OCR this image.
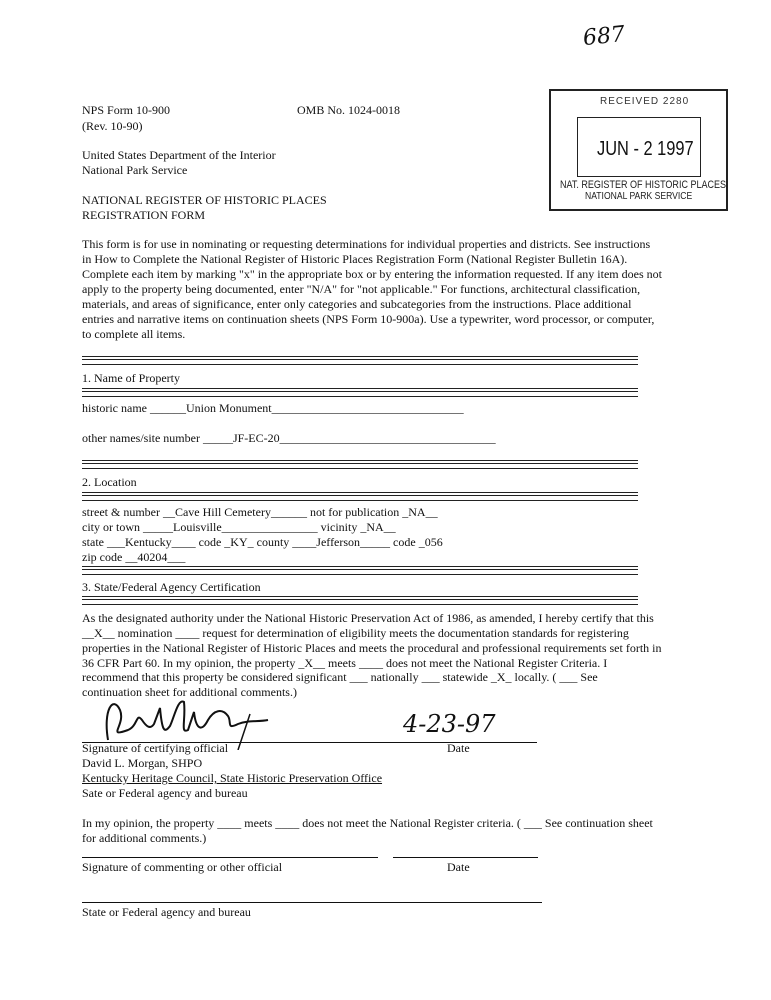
687

NPS Form 10-900

(Rev. 10-90)

OMB No. 1024-0018

United States Department of the Interior

National Park Service

NATIONAL REGISTER OF HISTORIC PLACES

REGISTRATION FORM

RECEIVED 2280
JUN - 2 1997
NAT. REGISTER OF HISTORIC PLACES
NATIONAL PARK SERVICE

This form is for use in nominating or requesting determinations for individual properties and districts. See instructions

in How to Complete the National Register of Historic Places Registration Form (National Register Bulletin 16A).

Complete each item by marking "x" in the appropriate box or by entering the information requested. If any item does not

apply to the property being documented, enter "N/A" for "not applicable." For functions, architectural classification,

materials, and areas of significance, enter only categories and subcategories from the instructions. Place additional

entries and narrative items on continuation sheets (NPS Form 10-900a). Use a typewriter, word processor, or computer,

to complete all items.

1. Name of Property

historic name ______Union Monument________________________________

other names/site number _____JF-EC-20____________________________________

2. Location

street & number __Cave Hill Cemetery______ not for publication _NA__

city or town _____Louisville________________ vicinity _NA__

state ___Kentucky____ code _KY_ county ____Jefferson_____ code _056

zip code __40204___

3. State/Federal Agency Certification

As the designated authority under the National Historic Preservation Act of 1986, as amended, I hereby certify that this

__X__ nomination ____ request for determination of eligibility meets the documentation standards for registering

properties in the National Register of Historic Places and meets the procedural and professional requirements set forth in

36 CFR Part 60. In my opinion, the property _X__ meets ____ does not meet the National Register Criteria. I

recommend that this property be considered significant ___ nationally ___ statewide _X_ locally. ( ___ See

continuation sheet for additional comments.)

4-23-97

Signature of certifying official	Date

David L. Morgan, SHPO

Kentucky Heritage Council, State Historic Preservation Office

Sate or Federal agency and bureau

In my opinion, the property ____ meets ____ does not meet the National Register criteria. ( ___ See continuation sheet

for additional comments.)

Signature of commenting or other official	Date

State or Federal agency and bureau
